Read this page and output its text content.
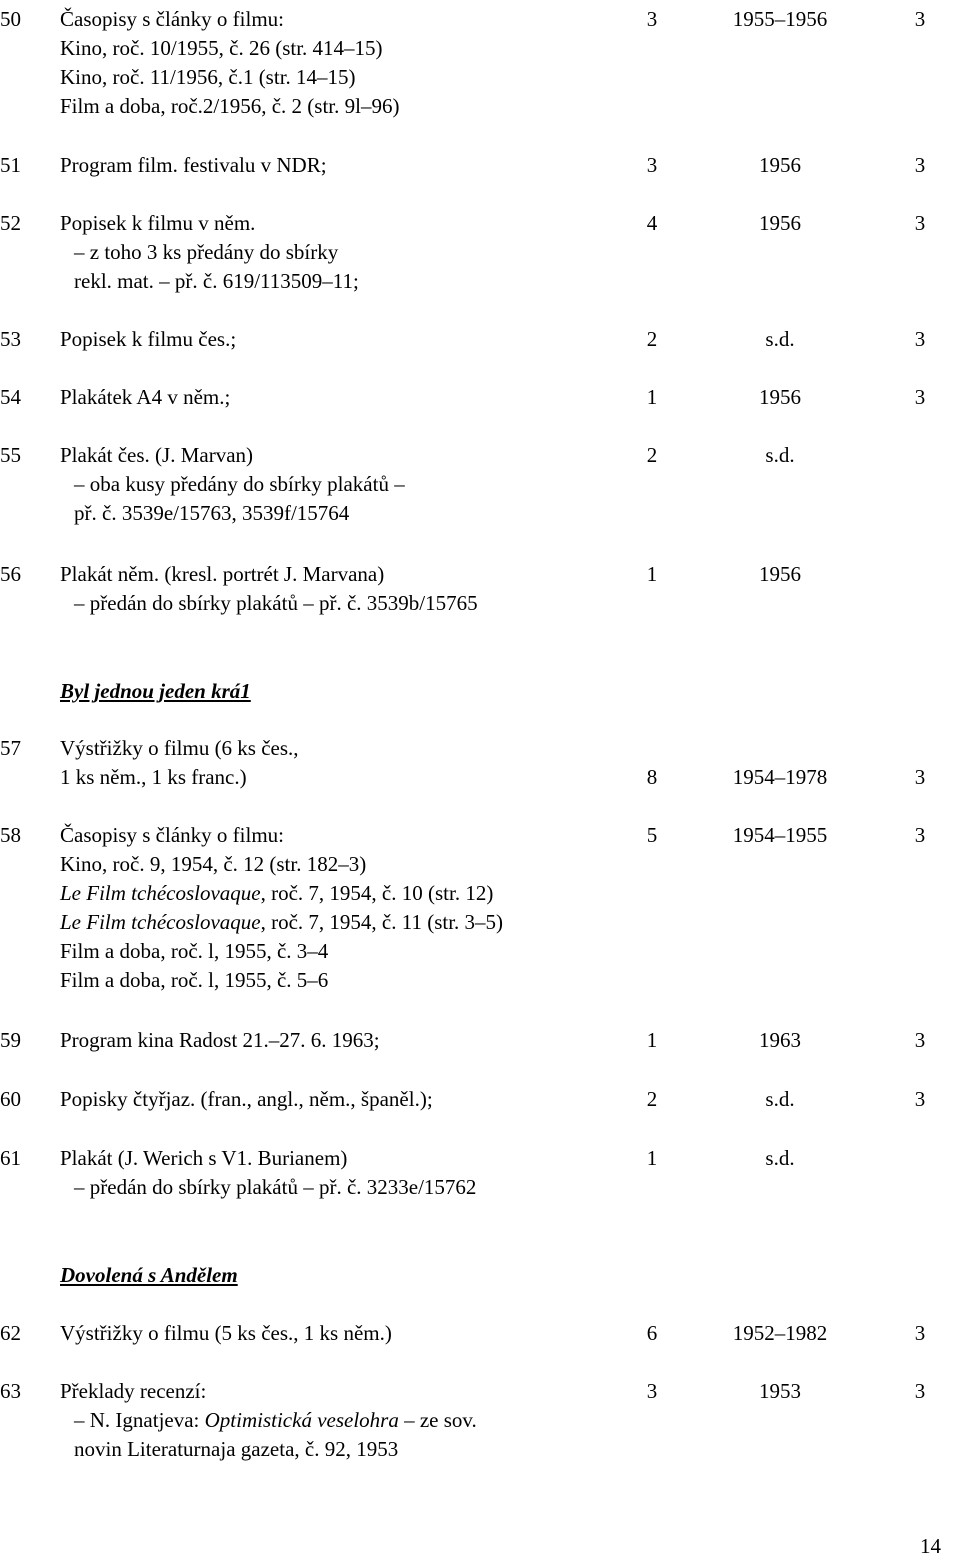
50	Časopisy s články o filmu:
Kino, roč. 10/1955, č. 26 (str. 414–15)
Kino, roč. 11/1956, č.1 (str. 14–15)
Film a doba, roč.2/1956, č. 2 (str. 9l–96)
3	1955–1956	3
51	Program film. festivalu v NDR;	3	1956	3
52	Popisek k filmu v něm.
– z toho 3 ks předány do sbírky
rekl. mat. – př. č. 619/113509–11;
4	1956	3
53	Popisek k filmu čes.;	2	s.d.	3
54	Plakátek A4 v něm.;	1	1956	3
55	Plakát čes. (J. Marvan)
– oba kusy předány do sbírky plakátů –
př. č. 3539e/15763, 3539f/15764
2	s.d.
56	Plakát něm. (kresl. portrét J. Marvana)
– předán do sbírky plakátů – př. č. 3539b/15765
1	1956
57	Výstřižky o filmu (6 ks čes.,
1 ks něm., 1 ks franc.)	8	1954–1978	3
58	Časopisy s články o filmu:
Kino, roč. 9, 1954, č. 12 (str. 182–3)
Le Film tchécoslovaque, roč. 7, 1954, č. 10 (str. 12)
Le Film tchécoslovaque, roč. 7, 1954, č. 11 (str. 3–5)
Film a doba, roč. l, 1955, č. 3–4
Film a doba, roč. l, 1955, č. 5–6
5	1954–1955	3
59	Program kina Radost 21.–27. 6. 1963;	1	1963	3
60	Popisky čtyřjaz. (fran., angl., něm., španěl.);	2	s.d.	3
61	Plakát (J. Werich s V1. Burianem)
– předán do sbírky plakátů – př. č. 3233e/15762
1	s.d.
62	Výstřižky o filmu (5 ks čes., 1 ks něm.)	6	1952–1982	3
63	Překlady recenzí:
– N. Ignatjeva: Optimistická veselohra – ze sov.
novin Literaturnaja gazeta, č. 92, 1953
3	1953	3
Byl jednou jeden krá1
Dovolená s Andělem
14
